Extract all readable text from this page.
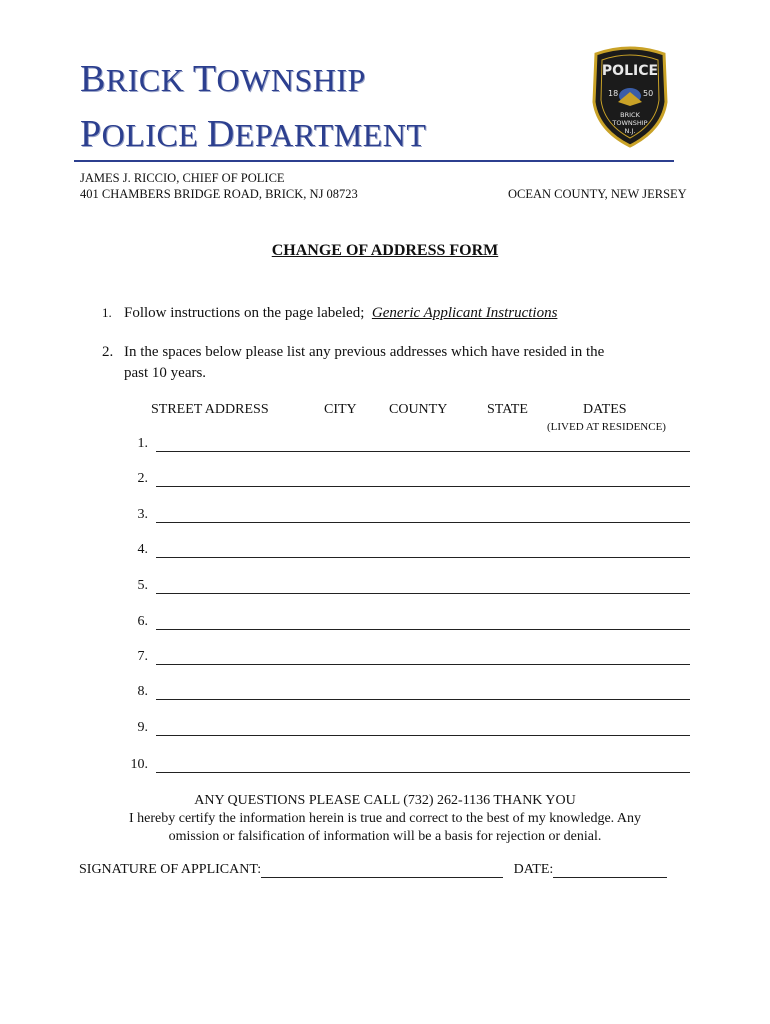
BRICK TOWNSHIP
POLICE DEPARTMENT
POLICE
18	50
BRICK
TOWNSHIP
N.J.
JAMES J. RICCIO, CHIEF OF POLICE
401 CHAMBERS BRIDGE ROAD, BRICK, NJ 08723	OCEAN COUNTY, NEW JERSEY
CHANGE OF ADDRESS FORM
1. Follow instructions on the page labeled; Generic Applicant Instructions
2. In the spaces below please list any previous addresses which have resided in the
past 10 years.
STREET ADDRESS	CITY COUNTY	STATE	DATES
(LIVED AT RESIDENCE)
1.
2.
3.
4.
5.
6.
7.
8.
9.
10.
ANY QUESTIONS PLEASE CALL (732) 262-1136 THANK YOU
I hereby certify the information herein is true and correct to the best of my knowledge. Any
omission or falsification of information will be a basis for rejection or denial.
SIGNATURE OF APPLICANT:	DATE:
